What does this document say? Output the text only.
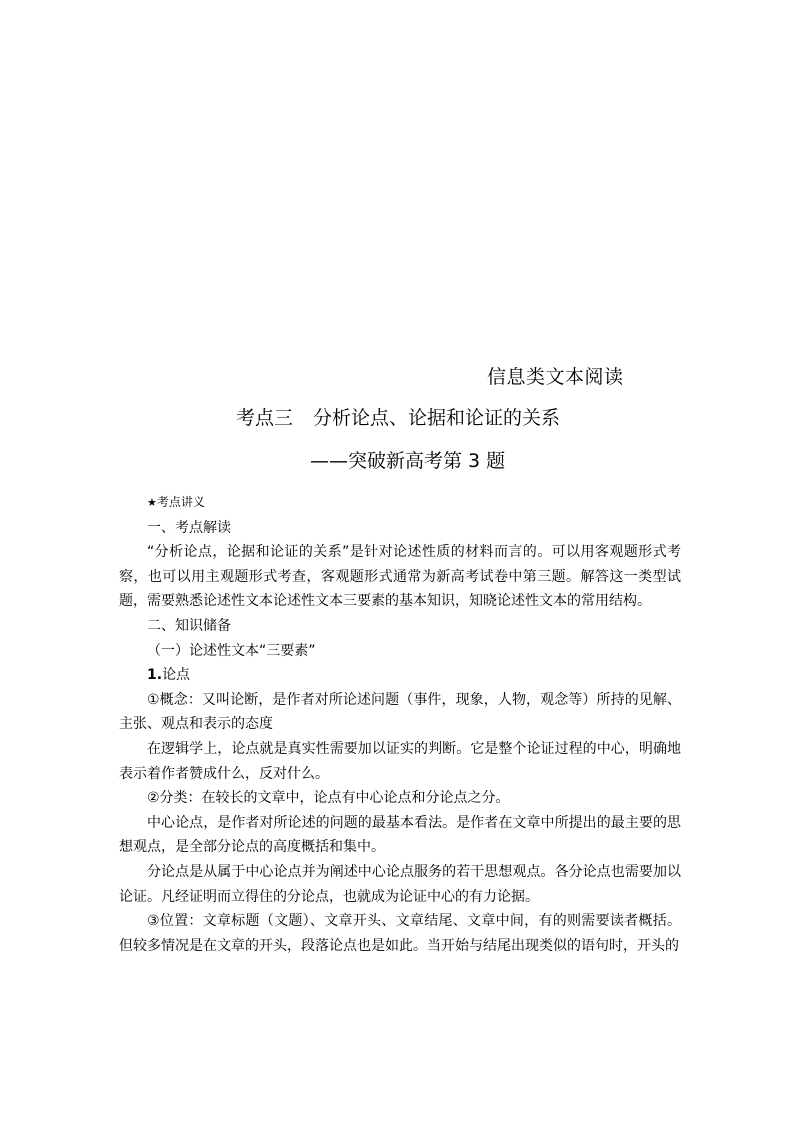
信息类文本阅读
考点三 分析论点、论据和论证的关系
——突破新高考第 3 题

★考点讲义

一、考点解读

“分析论点，论据和论证的关系”是针对论述性质的材料而言的。可以用客观题形式考察，也可以用主观题形式考查，客观题形式通常为新高考试卷中第三题。解答这一类型试题，需要熟悉论述性文本论述性文本三要素的基本知识，知晓论述性文本的常用结构。

二、知识储备

（一）论述性文本“三要素”

1.论点

①概念：又叫论断，是作者对所论述问题（事件，现象，人物，观念等）所持的见解、主张、观点和表示的态度

在逻辑学上，论点就是真实性需要加以证实的判断。它是整个论证过程的中心，明确地表示着作者赞成什么，反对什么。

②分类：在较长的文章中，论点有中心论点和分论点之分。

中心论点，是作者对所论述的问题的最基本看法。是作者在文章中所提出的最主要的思想观点，是全部分论点的高度概括和集中。

分论点是从属于中心论点并为阐述中心论点服务的若干思想观点。各分论点也需要加以论证。凡经证明而立得住的分论点，也就成为论证中心的有力论据。

③位置：文章标题（文题）、文章开头、文章结尾、文章中间，有的则需要读者概括。但较多情况是在文章的开头，段落论点也是如此。当开始与结尾出现类似的语句时，开头的
